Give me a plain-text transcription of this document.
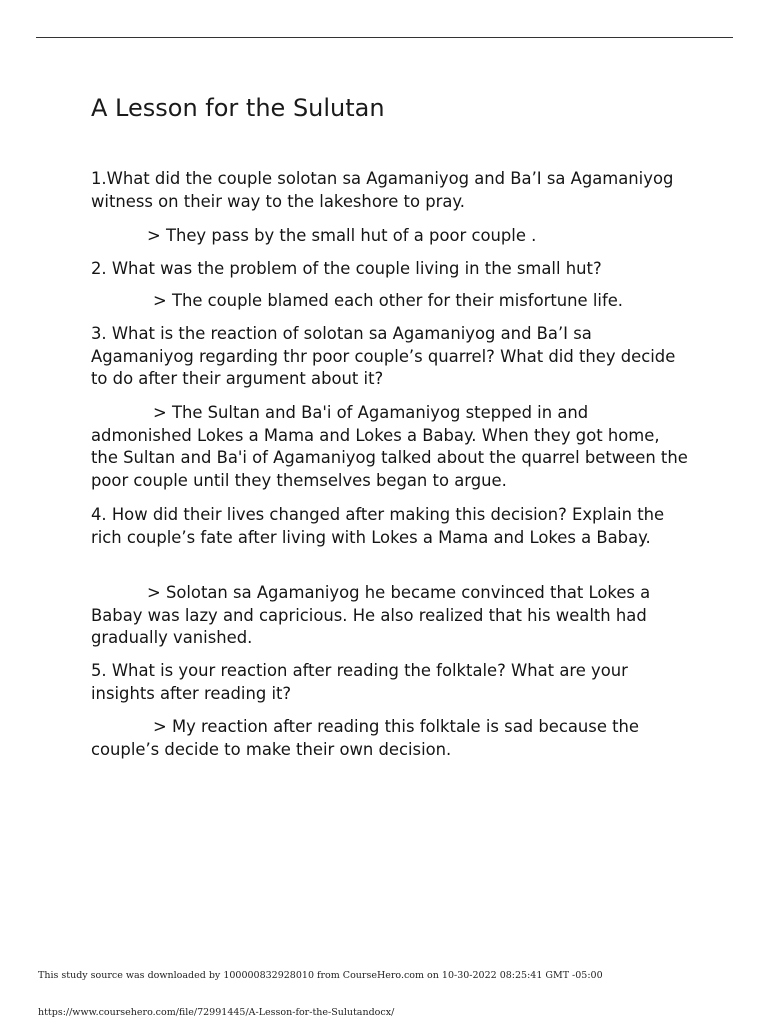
A Lesson for the Sulutan
1.What did the couple solotan sa Agamaniyog and Ba’I sa Agamaniyog witness on their way to the lakeshore to pray.
> They pass by the small hut of a poor couple .
2. What was the problem of the couple living in the small hut?
> The couple blamed each other for their misfortune life.
3. What is the reaction of solotan sa Agamaniyog and Ba’I sa Agamaniyog regarding thr poor couple’s quarrel? What did they decide to do after their argument about it?
> The Sultan and Ba'i of Agamaniyog stepped in and admonished Lokes a Mama and Lokes a Babay. When they got home, the Sultan and Ba'i of Agamaniyog talked about the quarrel between the poor couple until they themselves began to argue.
4. How did their lives changed after making this decision? Explain the rich couple’s fate after living with Lokes a Mama and Lokes a Babay.
> Solotan sa Agamaniyog he became convinced that Lokes a Babay was lazy and capricious. He also realized that his wealth had gradually vanished.
5. What is your reaction after reading the folktale? What are your insights after reading it?
> My reaction after reading this folktale is sad because the couple’s decide to make their own decision.
This study source was downloaded by 100000832928010 from CourseHero.com on 10-30-2022 08:25:41 GMT -05:00
https://www.coursehero.com/file/72991445/A-Lesson-for-the-Sulutandocx/
